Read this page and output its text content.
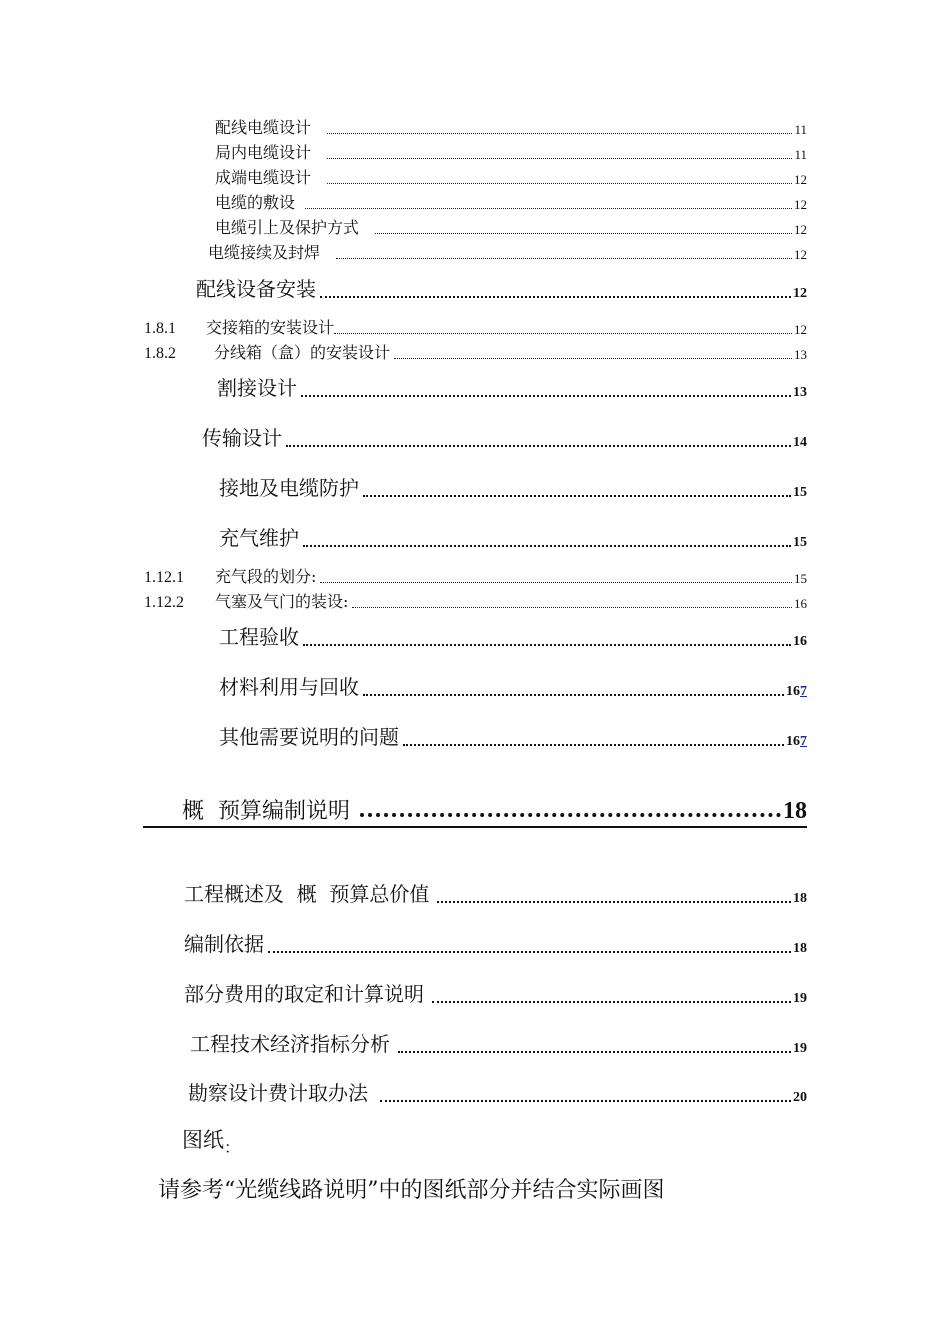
配线电缆设计	11
局内电缆设计	11
成端电缆设计	12
电缆的敷设	12
电缆引上及保护方式	12
电缆接续及封焊	12
配线设备安装	12
1.8.1	交接箱的安装设计	12
1.8.2	分线箱（盒）的安装设计	13
割接设计	13
传输设计	14
接地及电缆防护	15
充气维护	15
1.12.1	充气段的划分:	15
1.12.2	气塞及气门的装设:	16
工程验收	16
材料利用与回收	167
其他需要说明的问题	167
概  预算编制说明	18
工程概述及  概  预算总价值	18
编制依据	18
部分费用的取定和计算说明	19
工程技术经济指标分析	19
勘察设计费计取办法	20
图纸$_:$
请参考“光缆线路说明”中的图纸部分并结合实际画图
